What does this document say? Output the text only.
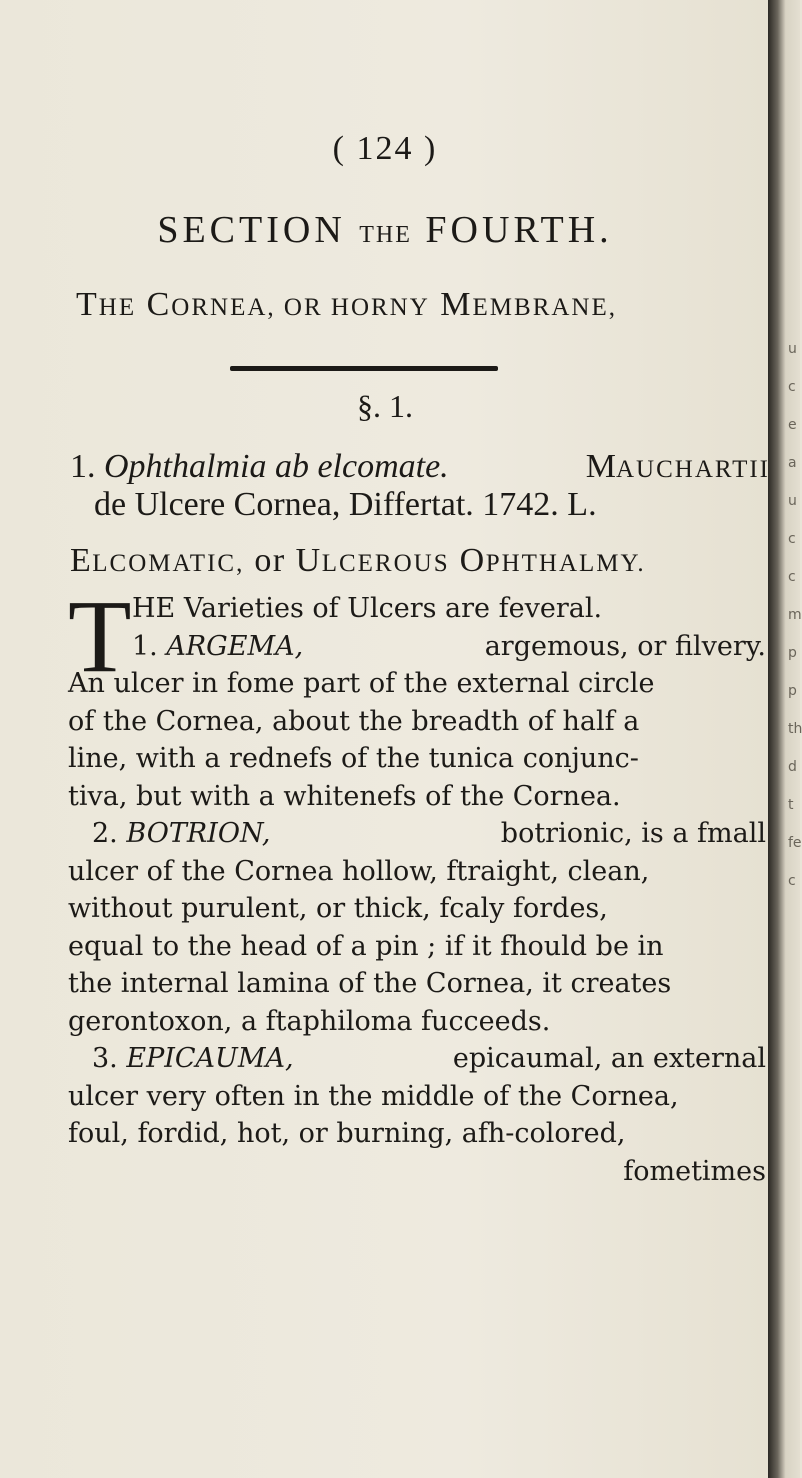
u
c
e
a
u
c
c
m
p
p
th
d
t
fe
c
( 124 )
SECTION THE FOURTH.
THE CORNEA, OR HORNY MEMBRANE,
§. 1.
1. Ophthalmia ab elcomate.	MAUCHARTII
de Ulcere Cornea, Differtat. 1742. L.
ELCOMATIC, or ULCEROUS OPHTHALMY.
T HE Varieties of Ulcers are feveral.
1. ARGEMA,	argemous, or filvery.
An ulcer in fome part of the external circle
of the Cornea, about the breadth of half a
line, with a rednefs of the tunica conjunc-
tiva, but with a whitenefs of the Cornea.
2. BOTRION,	botrionic, is a fmall
ulcer of the Cornea hollow, ftraight, clean,
without purulent, or thick, fcaly fordes,
equal to the head of a pin ; if it fhould be in
the internal lamina of the Cornea, it creates
gerontoxon, a ftaphiloma fucceeds.
3. EPICAUMA,	epicaumal, an external
ulcer very often in the middle of the Cornea,
foul, fordid, hot, or burning, afh-colored,
fometimes
